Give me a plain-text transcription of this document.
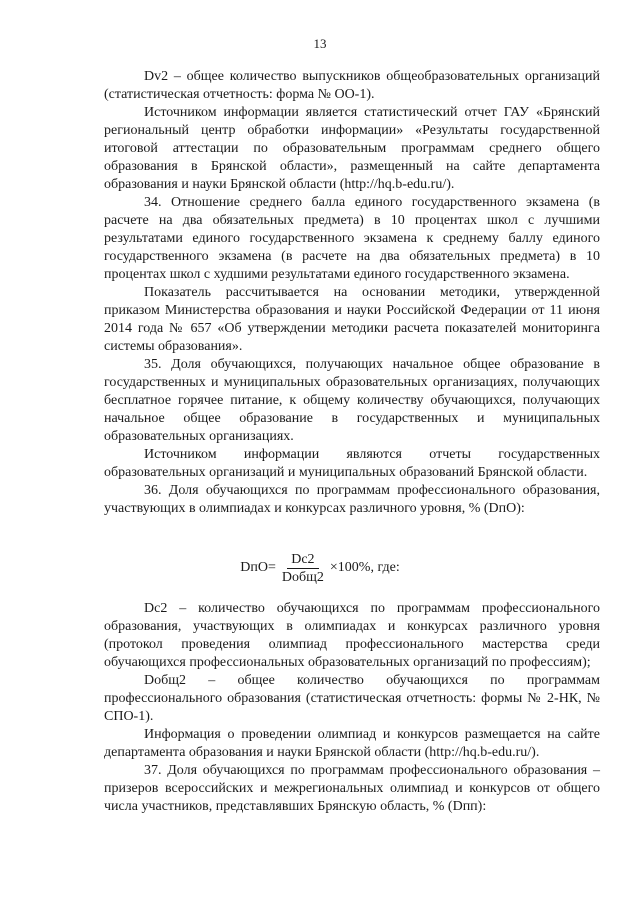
13

Dv2 – общее количество выпускников общеобразовательных организаций (статистическая отчетность: форма № ОО-1).

Источником информации является статистический отчет ГАУ «Брянский региональный центр обработки информации» «Результаты государственной итоговой аттестации по образовательным программам среднего общего образования в Брянской области», размещенный на сайте департамента образования и науки Брянской области (http://hq.b-edu.ru/).

34. Отношение среднего балла единого государственного экзамена (в расчете на два обязательных предмета) в 10 процентах школ с лучшими результатами единого государственного экзамена к среднему баллу единого государственного экзамена (в расчете на два обязательных предмета) в 10 процентах школ с худшими результатами единого государственного экзамена.

Показатель рассчитывается на основании методики, утвержденной приказом Министерства образования и науки Российской Федерации от 11 июня 2014 года № 657 «Об утверждении методики расчета показателей мониторинга системы образования».

35. Доля обучающихся, получающих начальное общее образование в государственных и муниципальных образовательных организациях, получающих бесплатное горячее питание, к общему количеству обучающихся, получающих начальное общее образование в государственных и муниципальных образовательных организациях.

Источником информации являются отчеты государственных образовательных организаций и муниципальных образований Брянской области.

36. Доля обучающихся по программам профессионального образования, участвующих в олимпиадах и конкурсах различного уровня, % (DпО):

$DпО= \frac{Dc2}{\text{Dобщ2}} \times 100\%$, где:

Dc2 – количество обучающихся по программам профессионального образования, участвующих в олимпиадах и конкурсах различного уровня (протокол проведения олимпиад профессионального мастерства среди обучающихся профессиональных образовательных организаций по профессиям);

Dобщ2 – общее количество обучающихся по программам профессионального образования (статистическая отчетность: формы № 2-НК, № СПО-1).

Информация о проведении олимпиад и конкурсов размещается на сайте департамента образования и науки Брянской области (http://hq.b-edu.ru/).

37. Доля обучающихся по программам профессионального образования – призеров всероссийских и межрегиональных олимпиад и конкурсов от общего числа участников, представлявших Брянскую область, % (Dпп):
